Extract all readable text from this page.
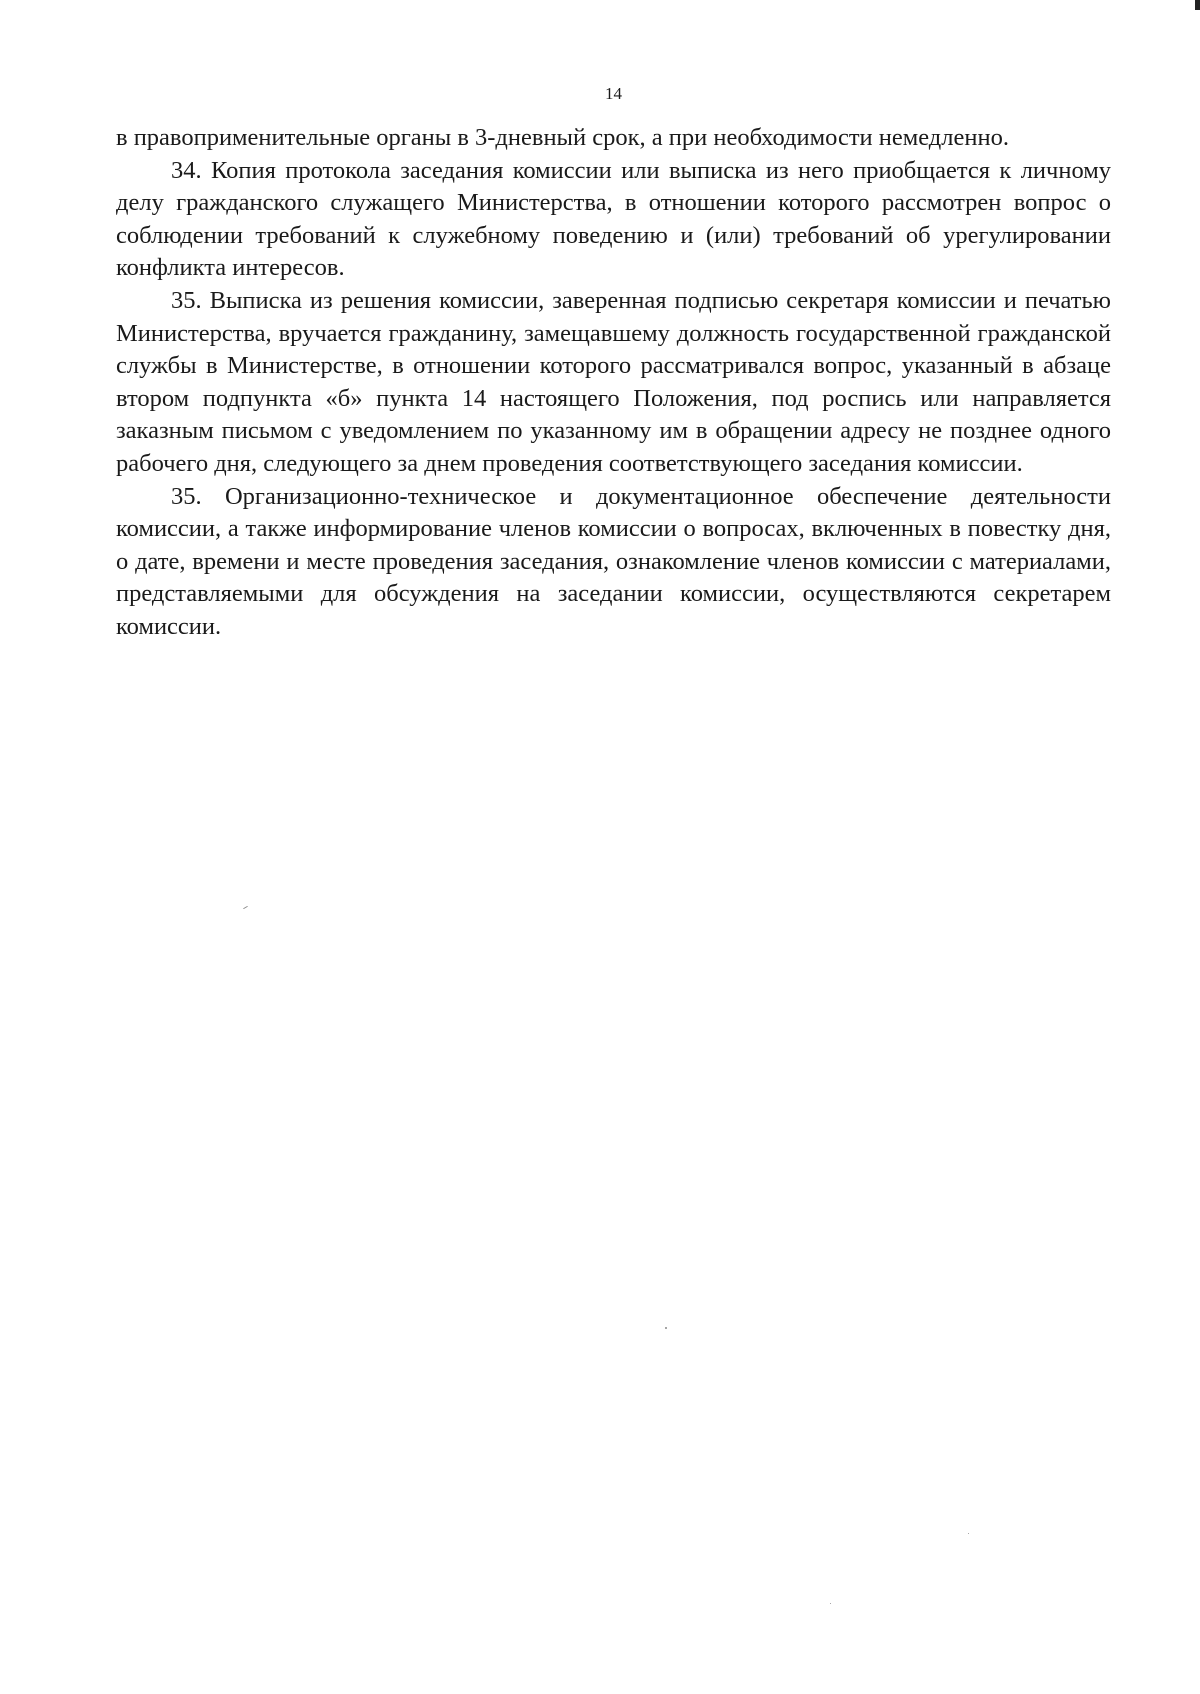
14

в правоприменительные органы в 3-дневный срок, а при необходимости немедленно.

34. Копия протокола заседания комиссии или выписка из него приобщается к личному делу гражданского служащего Министерства, в отношении которого рассмотрен вопрос о соблюдении требований к служебному поведению и (или) требований об урегулировании конфликта интересов.

35. Выписка из решения комиссии, заверенная подписью секретаря комиссии и печатью Министерства, вручается гражданину, замещавшему должность государственной гражданской службы в Министерстве, в отношении которого рассматривался вопрос, указанный в абзаце втором подпункта «б» пункта 14 настоящего Положения, под роспись или направляется заказным письмом с уведомлением по указанному им в обращении адресу не позднее одного рабочего дня, следующего за днем проведения соответствующего заседания комиссии.

35. Организационно-техническое и документационное обеспечение деятельности комиссии, а также информирование членов комиссии о вопросах, включенных в повестку дня, о дате, времени и месте проведения заседания, ознакомление членов комиссии с материалами, представляемыми для обсуждения на заседании комиссии, осуществляются секретарем комиссии.
